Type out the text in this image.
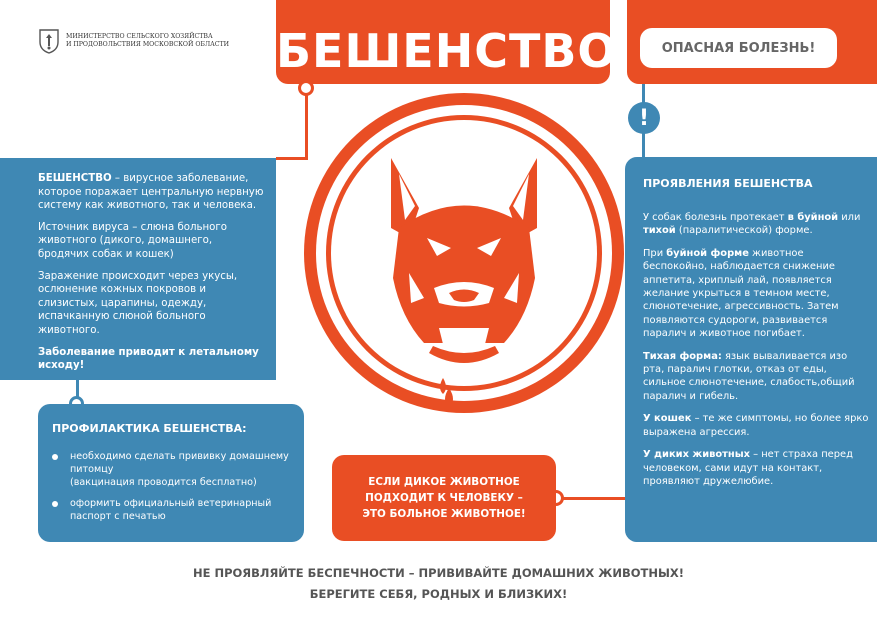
МИНИСТЕРСТВО СЕЛЬСКОГО ХОЗЯЙСТВА
И ПРОДОВОЛЬСТВИЯ МОСКОВСКОЙ ОБЛАСТИ БЕШЕНСТВО	ОПАСНАЯ БОЛЕЗНЬ!
!

БЕШЕНСТВО – вирусное заболевание, которое поражает центральную нервную систему как животного, так и человека.

Источник вируса – слюна больного животного (дикого, домашнего, бродячих собак и кошек)

Заражение происходит через укусы, ослюнение кожных покровов и слизистых, царапины, одежду, испачканную слюной больного животного.

Заболевание приводит к летальному исходу!

ПРОФИЛАКТИКА БЕШЕНСТВА:
необходимо сделать прививку домашнему питомцу
(вакцинация проводится бесплатно)
оформить официальный ветеринарный паспорт с печатью
ЕСЛИ ДИКОЕ ЖИВОТНОЕ
ПОДХОДИТ К ЧЕЛОВЕКУ –
ЭТО БОЛЬНОЕ ЖИВОТНОЕ!
ПРОЯВЛЕНИЯ БЕШЕНСТВА

У собак болезнь протекает в буйной или тихой (паралитической) форме.

При буйной форме животное беспокойно, наблюдается снижение аппетита, хриплый лай, появляется желание укрыться в темном месте, слюнотечение, агрессивность. Затем появляются судороги, развивается паралич и животное погибает.

Тихая форма: язык вываливается изо рта, паралич глотки, отказ от еды, сильное слюнотечение, слабость,общий паралич и гибель.

У кошек – те же симптомы, но более ярко выражена агрессия.

У диких животных – нет страха перед человеком, сами идут на контакт, проявляют дружелюбие.

НЕ ПРОЯВЛЯЙТЕ БЕСПЕЧНОСТИ – ПРИВИВАЙТЕ ДОМАШНИХ ЖИВОТНЫХ!
БЕРЕГИТЕ СЕБЯ, РОДНЫХ И БЛИЗКИХ!
